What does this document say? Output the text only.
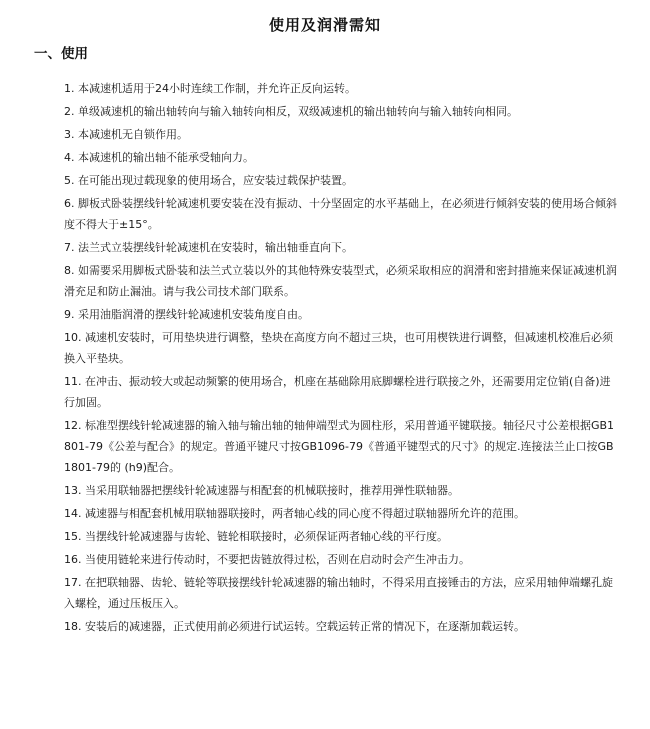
使用及润滑需知
一、使用
1. 本减速机适用于24小时连续工作制，并允许正反向运转。
2. 单级减速机的输出轴转向与输入轴转向相反，双级减速机的输出轴转向与输入轴转向相同。
3. 本减速机无自锁作用。
4. 本减速机的输出轴不能承受轴向力。
5. 在可能出现过载现象的使用场合，应安装过载保护装置。
6. 脚板式卧装摆线针轮减速机要安装在没有振动、十分坚固定的水平基础上，在必须进行倾斜安装的使用场合倾斜度不得大于±15°。
7. 法兰式立装摆线针轮减速机在安装时，输出轴垂直向下。
8. 如需要采用脚板式卧装和法兰式立装以外的其他特殊安装型式，必须采取相应的润滑和密封措施来保证减速机润滑充足和防止漏油。请与我公司技术部门联系。
9. 采用油脂润滑的摆线针轮减速机安装角度自由。
10. 减速机安装时，可用垫块进行调整，垫块在高度方向不超过三块，也可用楔铁进行调整，但减速机校准后必须换入平垫块。
11. 在冲击、振动较大或起动频繁的使用场合，机座在基础除用底脚螺栓进行联接之外，还需要用定位销(自备)进行加固。
12. 标准型摆线针轮减速器的输入轴与输出轴的轴伸端型式为圆柱形，采用普通平键联接。轴径尺寸公差根据GB1801-79《公差与配合》的规定。普通平键尺寸按GB1096-79《普通平键型式的尺寸》的规定.连接法兰止口按GB1801-79的 (h9)配合。
13. 当采用联轴器把摆线针轮减速器与相配套的机械联接时，推荐用弹性联轴器。
14. 减速器与相配套机械用联轴器联接时，两者轴心线的同心度不得超过联轴器所允许的范围。
15. 当摆线针轮减速器与齿轮、链轮相联接时，必须保证两者轴心线的平行度。
16. 当使用链轮来进行传动时，不要把齿链放得过松，否则在启动时会产生冲击力。
17. 在把联轴器、齿轮、链轮等联接摆线针轮减速器的输出轴时，不得采用直接锤击的方法，应采用轴伸端螺孔旋入螺栓，通过压板压入。
18. 安装后的减速器，正式使用前必须进行试运转。空载运转正常的情况下，在逐渐加载运转。
